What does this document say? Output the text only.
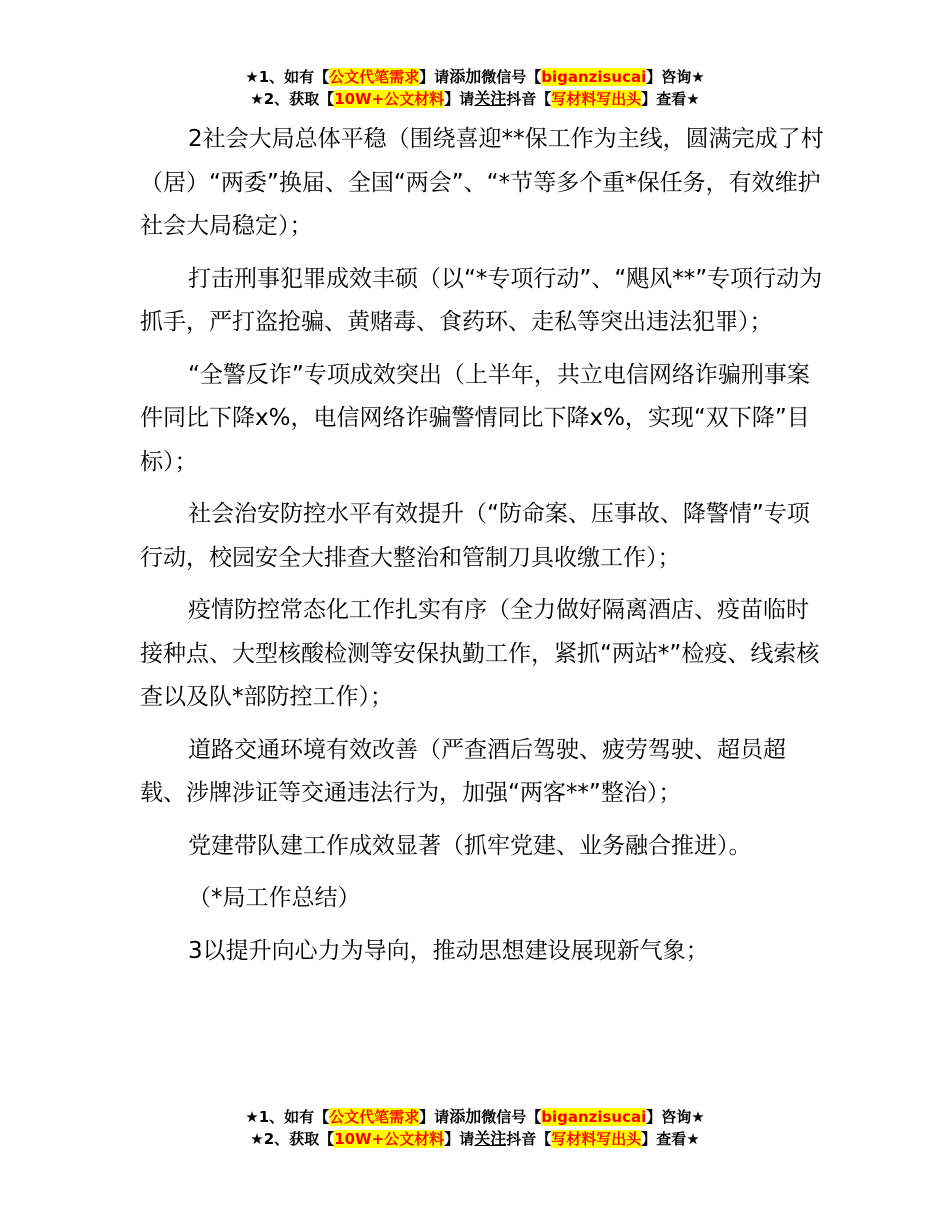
★1、如有【公文代笔需求】请添加微信号【biganzisucai】咨询★
★2、获取【10W+公文材料】请关注抖音【写材料写出头】查看★

2社会大局总体平稳（围绕喜迎**保工作为主线，圆满完成了村（居）“两委”换届、全国“两会”、“*节等多个重*保任务，有效维护社会大局稳定）；

打击刑事犯罪成效丰硕（以“*专项行动”、“飓风**”专项行动为抓手，严打盗抢骗、黄赌毒、食药环、走私等突出违法犯罪）；

“全警反诈”专项成效突出（上半年，共立电信网络诈骗刑事案件同比下降x%，电信网络诈骗警情同比下降x%，实现“双下降”目标）；

社会治安防控水平有效提升（“防命案、压事故、降警情”专项行动，校园安全大排查大整治和管制刀具收缴工作）；

疫情防控常态化工作扎实有序（全力做好隔离酒店、疫苗临时接种点、大型核酸检测等安保执勤工作，紧抓“两站*”检疫、线索核查以及队*部防控工作）；

道路交通环境有效改善（严查酒后驾驶、疲劳驾驶、超员超载、涉牌涉证等交通违法行为，加强“两客**”整治）；

党建带队建工作成效显著（抓牢党建、业务融合推进）。

（*局工作总结）

3以提升向心力为导向，推动思想建设展现新气象；

★1、如有【公文代笔需求】请添加微信号【biganzisucai】咨询★
★2、获取【10W+公文材料】请关注抖音【写材料写出头】查看★
